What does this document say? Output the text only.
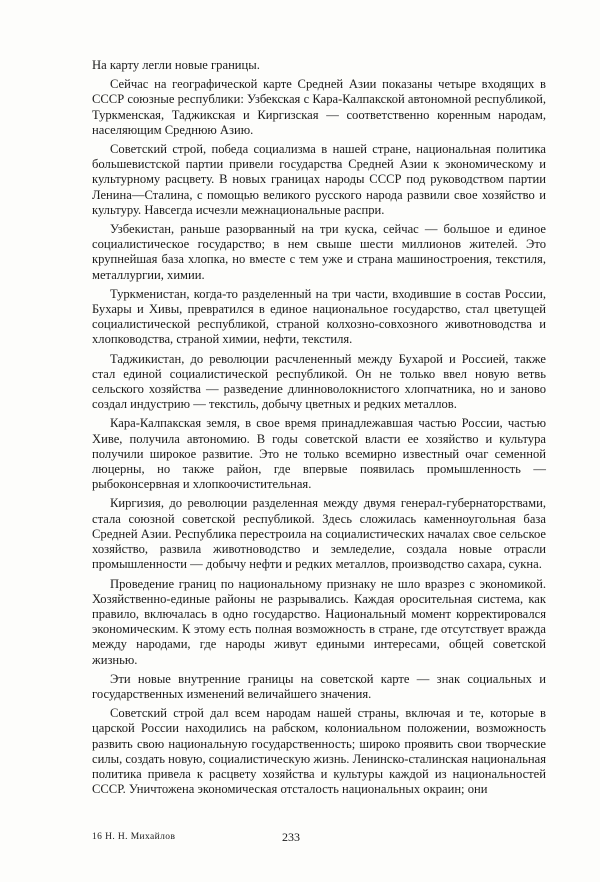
На карту легли новые границы.

Сейчас на географической карте Средней Азии показаны четыре входящих в СССР союзные республики: Узбекская с Кара-Калпакской автономной республикой, Туркменская, Таджикская и Киргизская — соответственно коренным народам, населяющим Среднюю Азию.

Советский строй, победа социализма в нашей стране, национальная политика большевистской партии привели государства Средней Азии к экономическому и культурному расцвету. В новых границах народы СССР под руководством партии Ленина—Сталина, с помощью великого русского народа развили свое хозяйство и культуру. Навсегда исчезли межнациональные распри.

Узбекистан, раньше разорванный на три куска, сейчас — большое и единое социалистическое государство; в нем свыше шести миллионов жителей. Это крупнейшая база хлопка, но вместе с тем уже и страна машиностроения, текстиля, металлургии, химии.

Туркменистан, когда-то разделенный на три части, входившие в состав России, Бухары и Хивы, превратился в единое национальное государство, стал цветущей социалистической республикой, страной колхозно-совхозного животноводства и хлопководства, страной химии, нефти, текстиля.

Таджикистан, до революции расчлененный между Бухарой и Россией, также стал единой социалистической республикой. Он не только ввел новую ветвь сельского хозяйства — разведение длинноволокнистого хлопчатника, но и заново создал индустрию — текстиль, добычу цветных и редких металлов.

Кара-Калпакская земля, в свое время принадлежавшая частью России, частью Хиве, получила автономию. В годы советской власти ее хозяйство и культура получили широкое развитие. Это не только всемирно известный очаг семенной люцерны, но также район, где впервые появилась промышленность — рыбоконсервная и хлопкоочистительная.

Киргизия, до революции разделенная между двумя генерал-губернаторствами, стала союзной советской республикой. Здесь сложилась каменноугольная база Средней Азии. Республика перестроила на социалистических началах свое сельское хозяйство, развила животноводство и земледелие, создала новые отрасли промышленности — добычу нефти и редких металлов, производство сахара, сукна.

Проведение границ по национальному признаку не шло вразрез с экономикой. Хозяйственно-единые районы не разрывались. Каждая оросительная система, как правило, включалась в одно государство. Национальный момент корректировался экономическим. К этому есть полная возможность в стране, где отсутствует вражда между народами, где народы живут едиными интересами, общей советской жизнью.

Эти новые внутренние границы на советской карте — знак социальных и государственных изменений величайшего значения.

Советский строй дал всем народам нашей страны, включая и те, которые в царской России находились на рабском, колониальном положении, возможность развить свою национальную государственность; широко проявить свои творческие силы, создать новую, социалистическую жизнь. Ленинско-сталинская национальная политика привела к расцвету хозяйства и культуры каждой из национальностей СССР. Уничтожена экономическая отсталость национальных окраин; они

16 Н. Н. Михайлов	233
